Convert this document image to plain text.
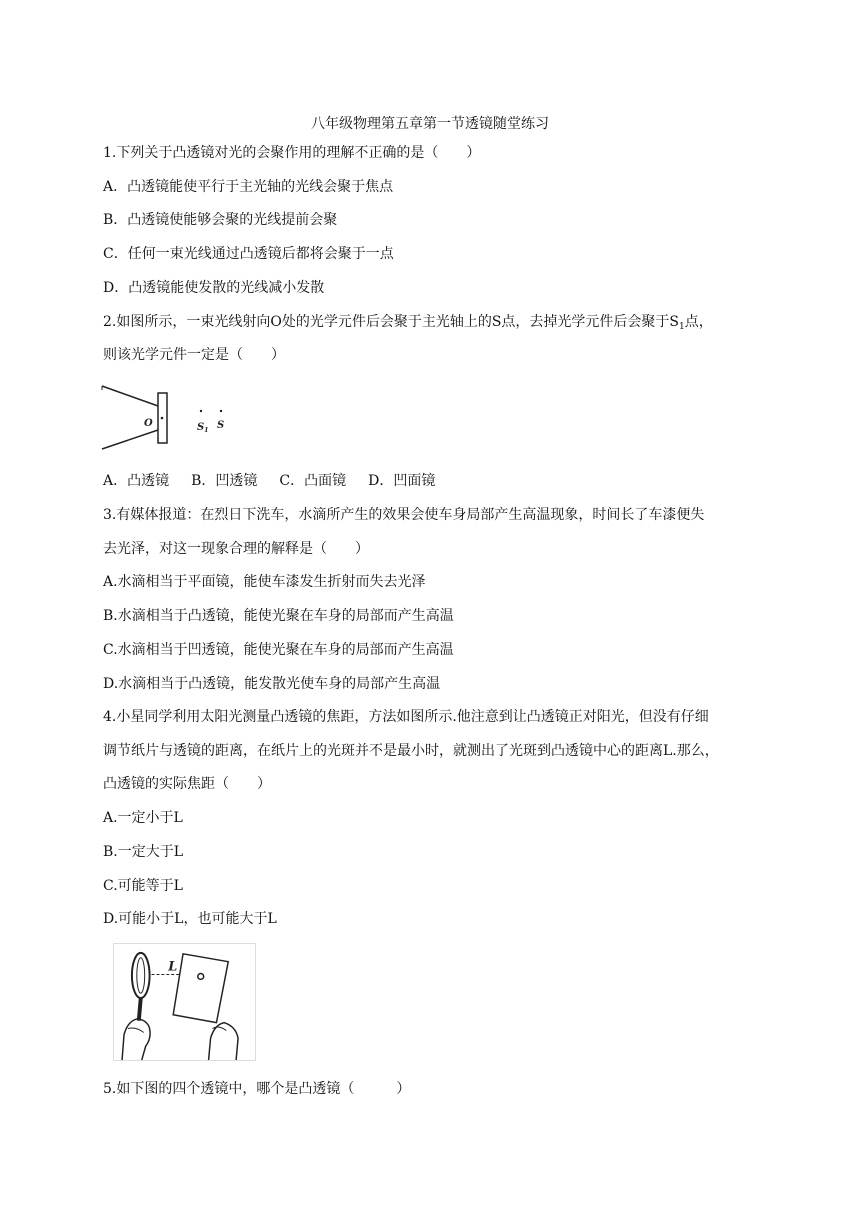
八年级物理第五章第一节透镜随堂练习
1.下列关于凸透镜对光的会聚作用的理解不正确的是（　　）
A．凸透镜能使平行于主光轴的光线会聚于焦点
B．凸透镜使能够会聚的光线提前会聚
C．任何一束光线通过凸透镜后都将会聚于一点
D．凸透镜能使发散的光线减小发散
2.如图所示，一束光线射向O处的光学元件后会聚于主光轴上的S点，去掉光学元件后会聚于$S_1$点，
则该光学元件一定是（　　）
O	$S_1$ S
A．凸透镜 B．凹透镜 C．凸面镜 D．凹面镜
3.有媒体报道：在烈日下洗车，水滴所产生的效果会使车身局部产生高温现象，时间长了车漆便失
去光泽，对这一现象合理的解释是（　　）
A.水滴相当于平面镜，能使车漆发生折射而失去光泽
B.水滴相当于凸透镜，能使光聚在车身的局部而产生高温
C.水滴相当于凹透镜，能使光聚在车身的局部而产生高温
D.水滴相当于凸透镜，能发散光使车身的局部产生高温
4.小星同学利用太阳光测量凸透镜的焦距，方法如图所示.他注意到让凸透镜正对阳光，但没有仔细
调节纸片与透镜的距离，在纸片上的光斑并不是最小时，就测出了光斑到凸透镜中心的距离L.那么，
凸透镜的实际焦距（　　）
A.一定小于L
B.一定大于L
C.可能等于L
D.可能小于L，也可能大于L
L
5.如下图的四个透镜中，哪个是凸透镜（　　　）
